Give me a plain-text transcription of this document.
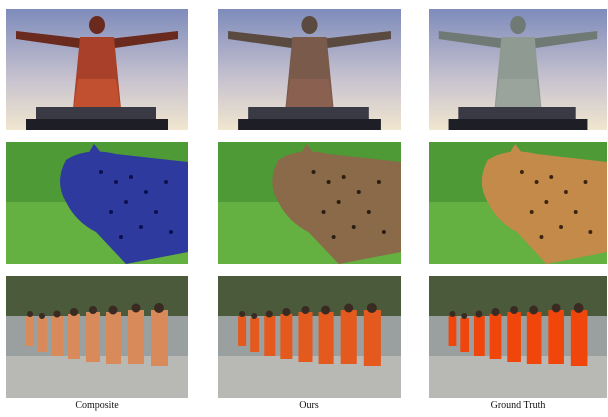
Composite	Ours	Ground Truth
